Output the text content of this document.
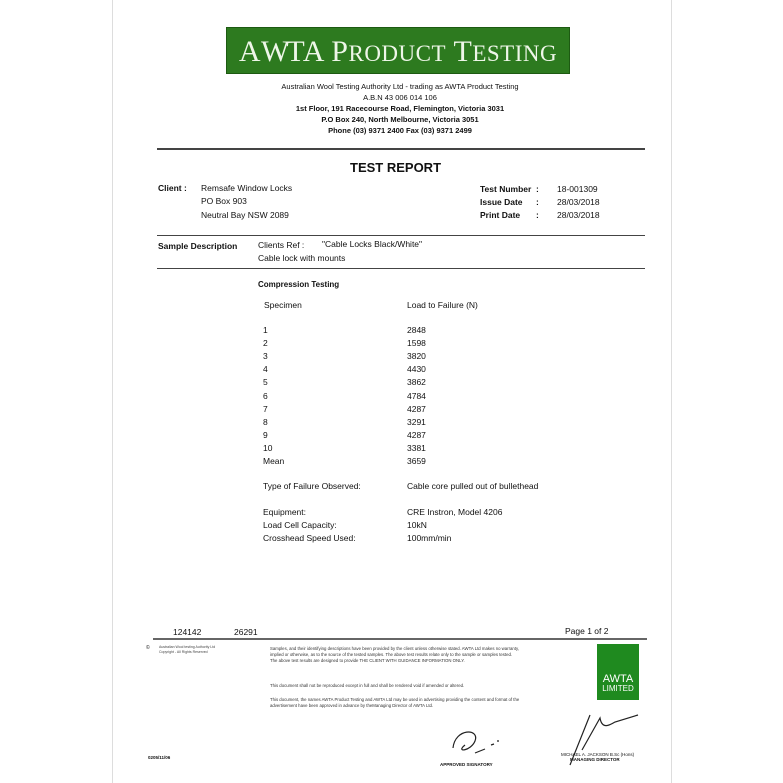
AWTA PRODUCT TESTING
Australian Wool Testing Authority Ltd - trading as AWTA Product Testing
A.B.N 43 006 014 106
1st Floor, 191 Racecourse Road, Flemington, Victoria 3031
P.O Box 240, North Melbourne, Victoria 3051
Phone (03) 9371 2400 Fax (03) 9371 2499
TEST REPORT
Client : Remsafe Window Locks
PO Box 903
Neutral Bay NSW 2089
Test Number : 18-001309
Issue Date : 28/03/2018
Print Date : 28/03/2018
Sample Description Clients Ref : "Cable Locks Black/White"
Cable lock with mounts
Compression Testing
Specimen	Load to Failure (N)
1	2848
2	1598
3	3820
4	4430
5	3862
6	4784
7	4287
8	3291
9	4287
10	3381
Mean	3659
Type of Failure Observed:	Cable core pulled out of bullethead
Equipment:	CRE Instron, Model 4206
Load Cell Capacity:	10kN
Crosshead Speed Used:	100mm/min
124142	26291	Page 1 of 2
©	Australian Wool testing Authority Ltd
Copyright - All Rights Reserved
Samples, and their identifying descriptions have been provided by the client unless otherwise stated. AWTA Ltd makes no warranty, implied or otherwise, as to the source of the tested samples. The above test results relate only to the sample or samples tested. The above test results are designed to provide THE CLIENT WITH GUIDANCE INFORMATION ONLY.
This document shall not be reproduced except in full and shall be rendered void if amended or altered.
This document, the names AWTA Product Testing and AWTA Ltd may be used in advertising providing the content and format of the advertisement have been approved in advance by theManaging Director of AWTA Ltd.
AWTA
LIMITED
0205/11/06
APPROVED SIGNATORY
MICHAEL A. JACKSON B.Sc (Hons)
MANAGING DIRECTOR
